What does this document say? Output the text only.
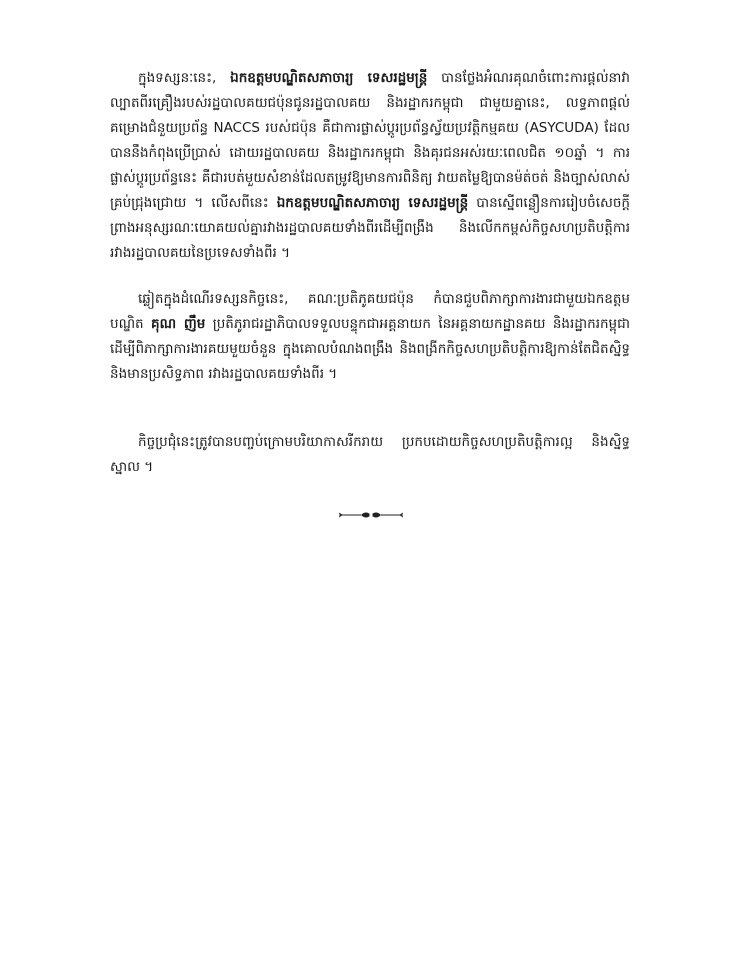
ក្នុងទស្សនៈនេះ, ឯកឧត្តមបណ្ឌិតសភាចារ្យ ទេសរដ្ឋមន្ត្រី បានថ្លែងអំណរគុណចំពោះការផ្តល់នាវាល្បាតពីរគ្រឿងរបស់រដ្ឋបាលគយជប៉ុនជូនរដ្ឋបាលគយ និងរដ្ឋាករកម្ពុជា ជាមួយគ្នានេះ, លទ្ធភាពផ្តល់គម្រោងជំនួយប្រព័ន្ធ NACCS របស់ជប៉ុន គឺជាការផ្លាស់ប្តូរប្រព័ន្ធស្វ័យប្រវត្តិកម្មគយ (ASYCUDA) ដែលបាននឹងកំពុងប្រើប្រាស់ ដោយរដ្ឋបាលគយ និងរដ្ឋាករកម្ពុជា និងគុរជនអស់រយៈពេលជិត ១០ឆ្នាំ ។ ការផ្លាស់ប្តូរប្រព័ន្ធនេះ គឺជារបត់មួយសំខាន់ដែលតម្រូវឱ្យមានការពិនិត្យ វាយតម្លៃឱ្យបានម៉ត់ចត់ និងច្បាស់លាស់ គ្រប់ជ្រុងជ្រោយ ។ លើសពីនេះ ឯកឧត្តមបណ្ឌិតសភាចារ្យ ទេសរដ្ឋមន្ត្រី បានស្នើពន្លឿនការរៀបចំសេចក្តីព្រាងអនុស្សរណៈយោគយល់គ្នារវាងរដ្ឋបាលគយទាំងពីរដើម្បីពង្រឹង និងលើកកម្ពស់កិច្ចសហប្រតិបត្តិការរវាងរដ្ឋបាលគយនៃប្រទេសទាំងពីរ ។
ឆ្លៀតក្នុងដំណើរទស្សនកិច្ចនេះ, គណៈប្រតិភូគយជប៉ុន កំបានជួបពិភាក្សាការងារជាមួយឯកឧត្តមបណ្ឌិត គុណ ញឹម ប្រតិភូរាជរដ្ឋាភិបាលទទួលបន្ទុកជាអគ្គនាយក នៃអគ្គនាយកដ្ឋានគយ និងរដ្ឋាករកម្ពុជា ដើម្បីពិភាក្សាការងារគយមួយចំនួន ក្នុងគោលបំណងពង្រឹង និងពង្រីកកិច្ចសហប្រតិបត្តិការឱ្យកាន់តែជិតស្និទ្ធ និងមានប្រសិទ្ធភាព រវាងរដ្ឋបាលគយទាំងពីរ ។
កិច្ចប្រជុំនេះត្រូវបានបញ្ចប់ក្រោមបរិយាកាសរីករាយ ប្រកបដោយកិច្ចសហប្រតិបត្តិការល្អ និងស្និទ្ធស្នាល ។
